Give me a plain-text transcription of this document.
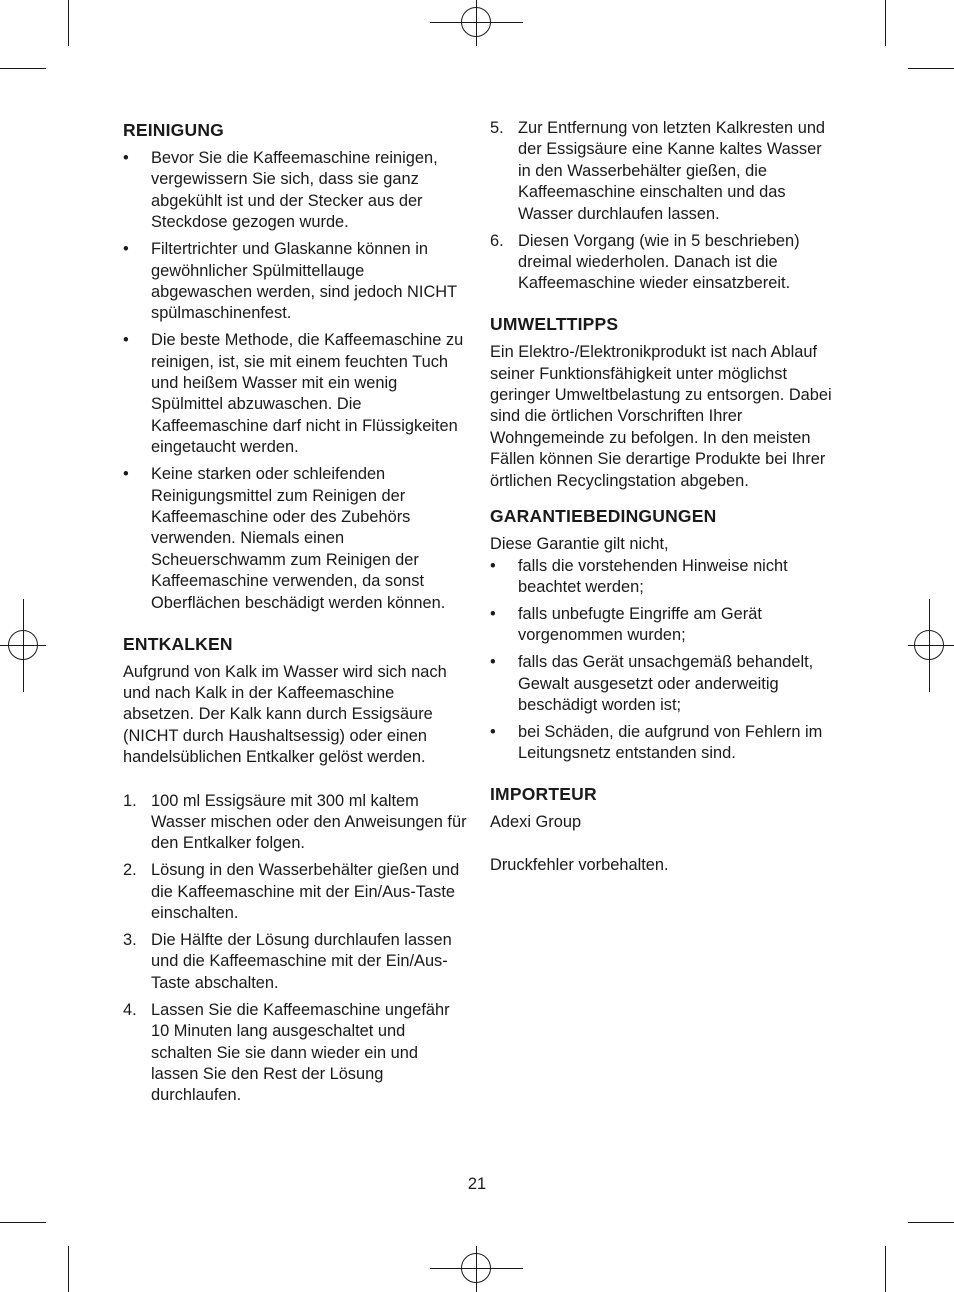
REINIGUNG
• Bevor Sie die Kaffeemaschine reinigen, vergewissern Sie sich, dass sie ganz abgekühlt ist und der Stecker aus der Steckdose gezogen wurde.
• Filtertrichter und Glaskanne können in gewöhnlicher Spülmittellauge abgewaschen werden, sind jedoch NICHT spülmaschinenfest.
• Die beste Methode, die Kaffeemaschine zu reinigen, ist, sie mit einem feuchten Tuch und heißem Wasser mit ein wenig Spülmittel abzuwaschen. Die Kaffeemaschine darf nicht in Flüssigkeiten eingetaucht werden.
• Keine starken oder schleifenden Reinigungsmittel zum Reinigen der Kaffeemaschine oder des Zubehörs verwenden. Niemals einen Scheuerschwamm zum Reinigen der Kaffeemaschine verwenden, da sonst Oberflächen beschädigt werden können.
ENTKALKEN

Aufgrund von Kalk im Wasser wird sich nach und nach Kalk in der Kaffeemaschine absetzen. Der Kalk kann durch Essigsäure (NICHT durch Haushaltsessig) oder einen handelsüblichen Entkalker gelöst werden.

1. 100 ml Essigsäure mit 300 ml kaltem Wasser mischen oder den Anweisungen für den Entkalker folgen.
2. Lösung in den Wasserbehälter gießen und die Kaffeemaschine mit der Ein/Aus-Taste einschalten.
3. Die Hälfte der Lösung durchlaufen lassen und die Kaffeemaschine mit der Ein/Aus-Taste abschalten.
4. Lassen Sie die Kaffeemaschine ungefähr 10 Minuten lang ausgeschaltet und schalten Sie sie dann wieder ein und lassen Sie den Rest der Lösung durchlaufen.
5. Zur Entfernung von letzten Kalkresten und der Essigsäure eine Kanne kaltes Wasser in den Wasserbehälter gießen, die Kaffeemaschine einschalten und das Wasser durchlaufen lassen.
6. Diesen Vorgang (wie in 5 beschrieben) dreimal wiederholen. Danach ist die Kaffeemaschine wieder einsatzbereit.
UMWELTTIPPS

Ein Elektro-/Elektronikprodukt ist nach Ablauf seiner Funktionsfähigkeit unter möglichst geringer Umweltbelastung zu entsorgen. Dabei sind die örtlichen Vorschriften Ihrer Wohngemeinde zu befolgen. In den meisten Fällen können Sie derartige Produkte bei Ihrer örtlichen Recyclingstation abgeben.

GARANTIEBEDINGUNGEN

Diese Garantie gilt nicht,

• falls die vorstehenden Hinweise nicht beachtet werden;
• falls unbefugte Eingriffe am Gerät vorgenommen wurden;
• falls das Gerät unsachgemäß behandelt, Gewalt ausgesetzt oder anderweitig beschädigt worden ist;
• bei Schäden, die aufgrund von Fehlern im Leitungsnetz entstanden sind.
IMPORTEUR

Adexi Group

Druckfehler vorbehalten.

21
